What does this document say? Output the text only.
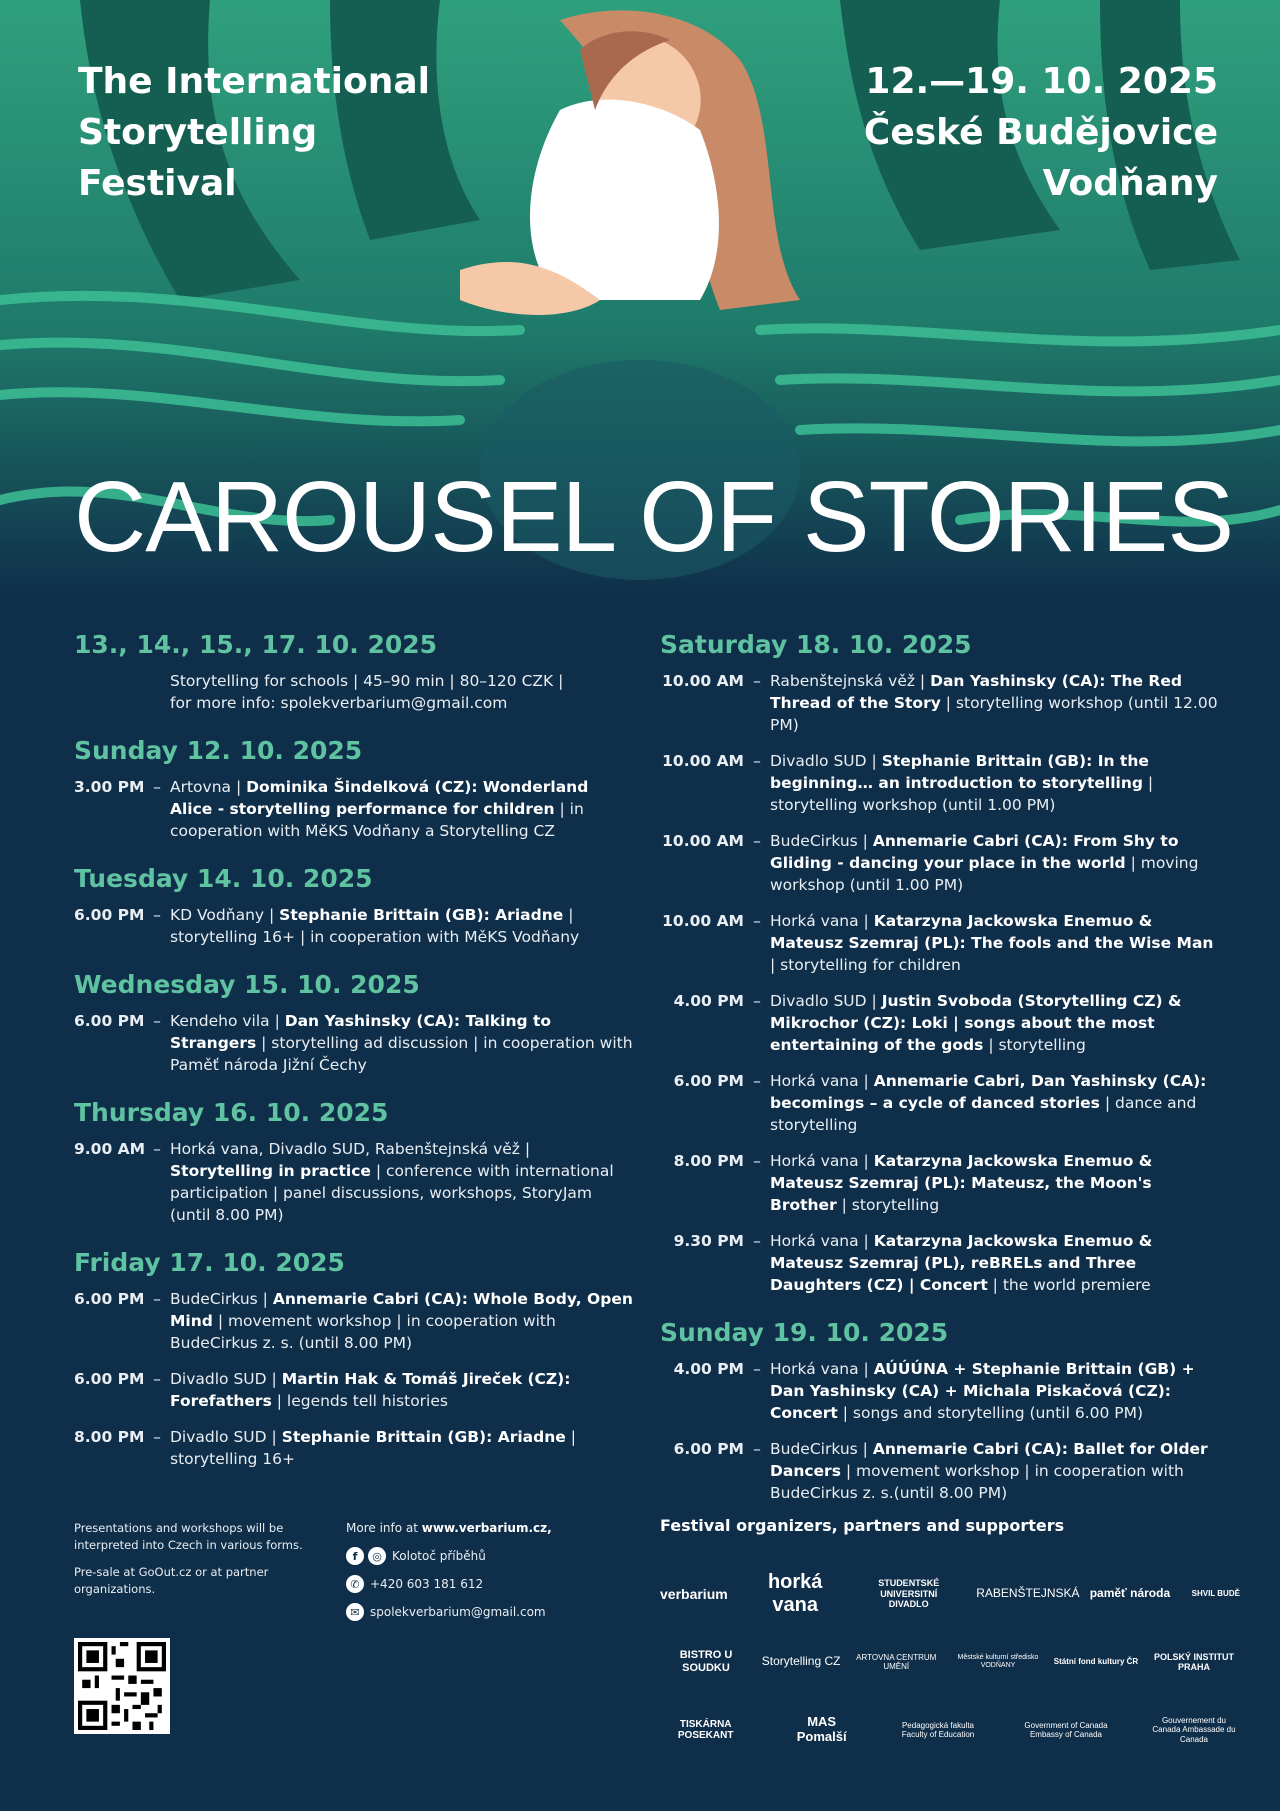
The International
Storytelling
Festival
12.—19. 10. 2025
České Budějovice
Vodňany
CAROUSEL OF STORIES
13., 14., 15., 17. 10. 2025
Storytelling for schools | 45–90 min | 80–120 CZK |
for more info: spolekverbarium@gmail.com
Sunday 12. 10. 2025
3.00 PM – Artovna | Dominika Šindelková (CZ): Wonderland Alice - storytelling performance for children | in cooperation with MěKS Vodňany a Storytelling CZ
Tuesday 14. 10. 2025
6.00 PM – KD Vodňany | Stephanie Brittain (GB): Ariadne | storytelling 16+ | in cooperation with MěKS Vodňany
Wednesday 15. 10. 2025
6.00 PM – Kendeho vila | Dan Yashinsky (CA): Talking to Strangers | storytelling ad discussion | in cooperation with Paměť národa Jižní Čechy
Thursday 16. 10. 2025
9.00 AM – Horká vana, Divadlo SUD, Rabenštejnská věž | Storytelling in practice | conference with international participation | panel discussions, workshops, StoryJam (until 8.00 PM)
Friday 17. 10. 2025
6.00 PM – BudeCirkus | Annemarie Cabri (CA): Whole Body, Open Mind | movement workshop | in cooperation with BudeCirkus z. s. (until 8.00 PM)
6.00 PM – Divadlo SUD | Martin Hak & Tomáš Jireček (CZ): Forefathers | legends tell histories
8.00 PM – Divadlo SUD | Stephanie Brittain (GB): Ariadne | storytelling 16+
Saturday 18. 10. 2025
10.00 AM – Rabenštejnská věž | Dan Yashinsky (CA): The Red Thread of the Story | storytelling workshop (until 12.00 PM)
10.00 AM – Divadlo SUD | Stephanie Brittain (GB): In the beginning… an introduction to storytelling | storytelling workshop (until 1.00 PM)
10.00 AM – BudeCirkus | Annemarie Cabri (CA): From Shy to Gliding - dancing your place in the world | moving workshop (until 1.00 PM)
10.00 AM – Horká vana | Katarzyna Jackowska Enemuo & Mateusz Szemraj (PL): The fools and the Wise Man | storytelling for children
4.00 PM – Divadlo SUD | Justin Svoboda (Storytelling CZ) & Mikrochor (CZ): Loki | songs about the most entertaining of the gods | storytelling
6.00 PM – Horká vana | Annemarie Cabri, Dan Yashinsky (CA): becomings – a cycle of danced stories | dance and storytelling
8.00 PM – Horká vana | Katarzyna Jackowska Enemuo & Mateusz Szemraj (PL): Mateusz, the Moon's Brother | storytelling
9.30 PM – Horká vana | Katarzyna Jackowska Enemuo & Mateusz Szemraj (PL), reBRELs and Three Daughters (CZ) | Concert | the world premiere
Sunday 19. 10. 2025
4.00 PM – Horká vana | AÚÚÚNA + Stephanie Brittain (GB) + Dan Yashinsky (CA) + Michala Piskačová (CZ): Concert | songs and storytelling (until 6.00 PM)
6.00 PM – BudeCirkus | Annemarie Cabri (CA): Ballet for Older Dancers | movement workshop | in cooperation with BudeCirkus z. s.(until 8.00 PM)

Presentations and workshops will be interpreted into Czech in various forms.

Pre-sale at GoOut.cz or at partner organizations.

More info at www.verbarium.cz,
f	◎ Kolotoč příběhů
✆ +420 603 181 612
✉ spolekverbarium@gmail.com
Festival organizers, partners and supporters
verbarium
horká vana
STUDENTSKÉ UNIVERSITNÍ DIVADLO
RABENŠTEJNSKÁ paměť národa	SHVIL BUDĚ
BISTRO U SOUDKU	Storytelling CZ	ARTOVNA CENTRUM UMĚNÍ
Městské kulturní středisko VODŇANY	Státní fond kultury ČR
POLSKÝ INSTITUT PRAHA
TISKÁRNA POSEKANT
MAS Pomalší
Pedagogická fakulta Faculty of Education
Government of Canada Embassy of Canada
Gouvernement du Canada Ambassade du Canada
